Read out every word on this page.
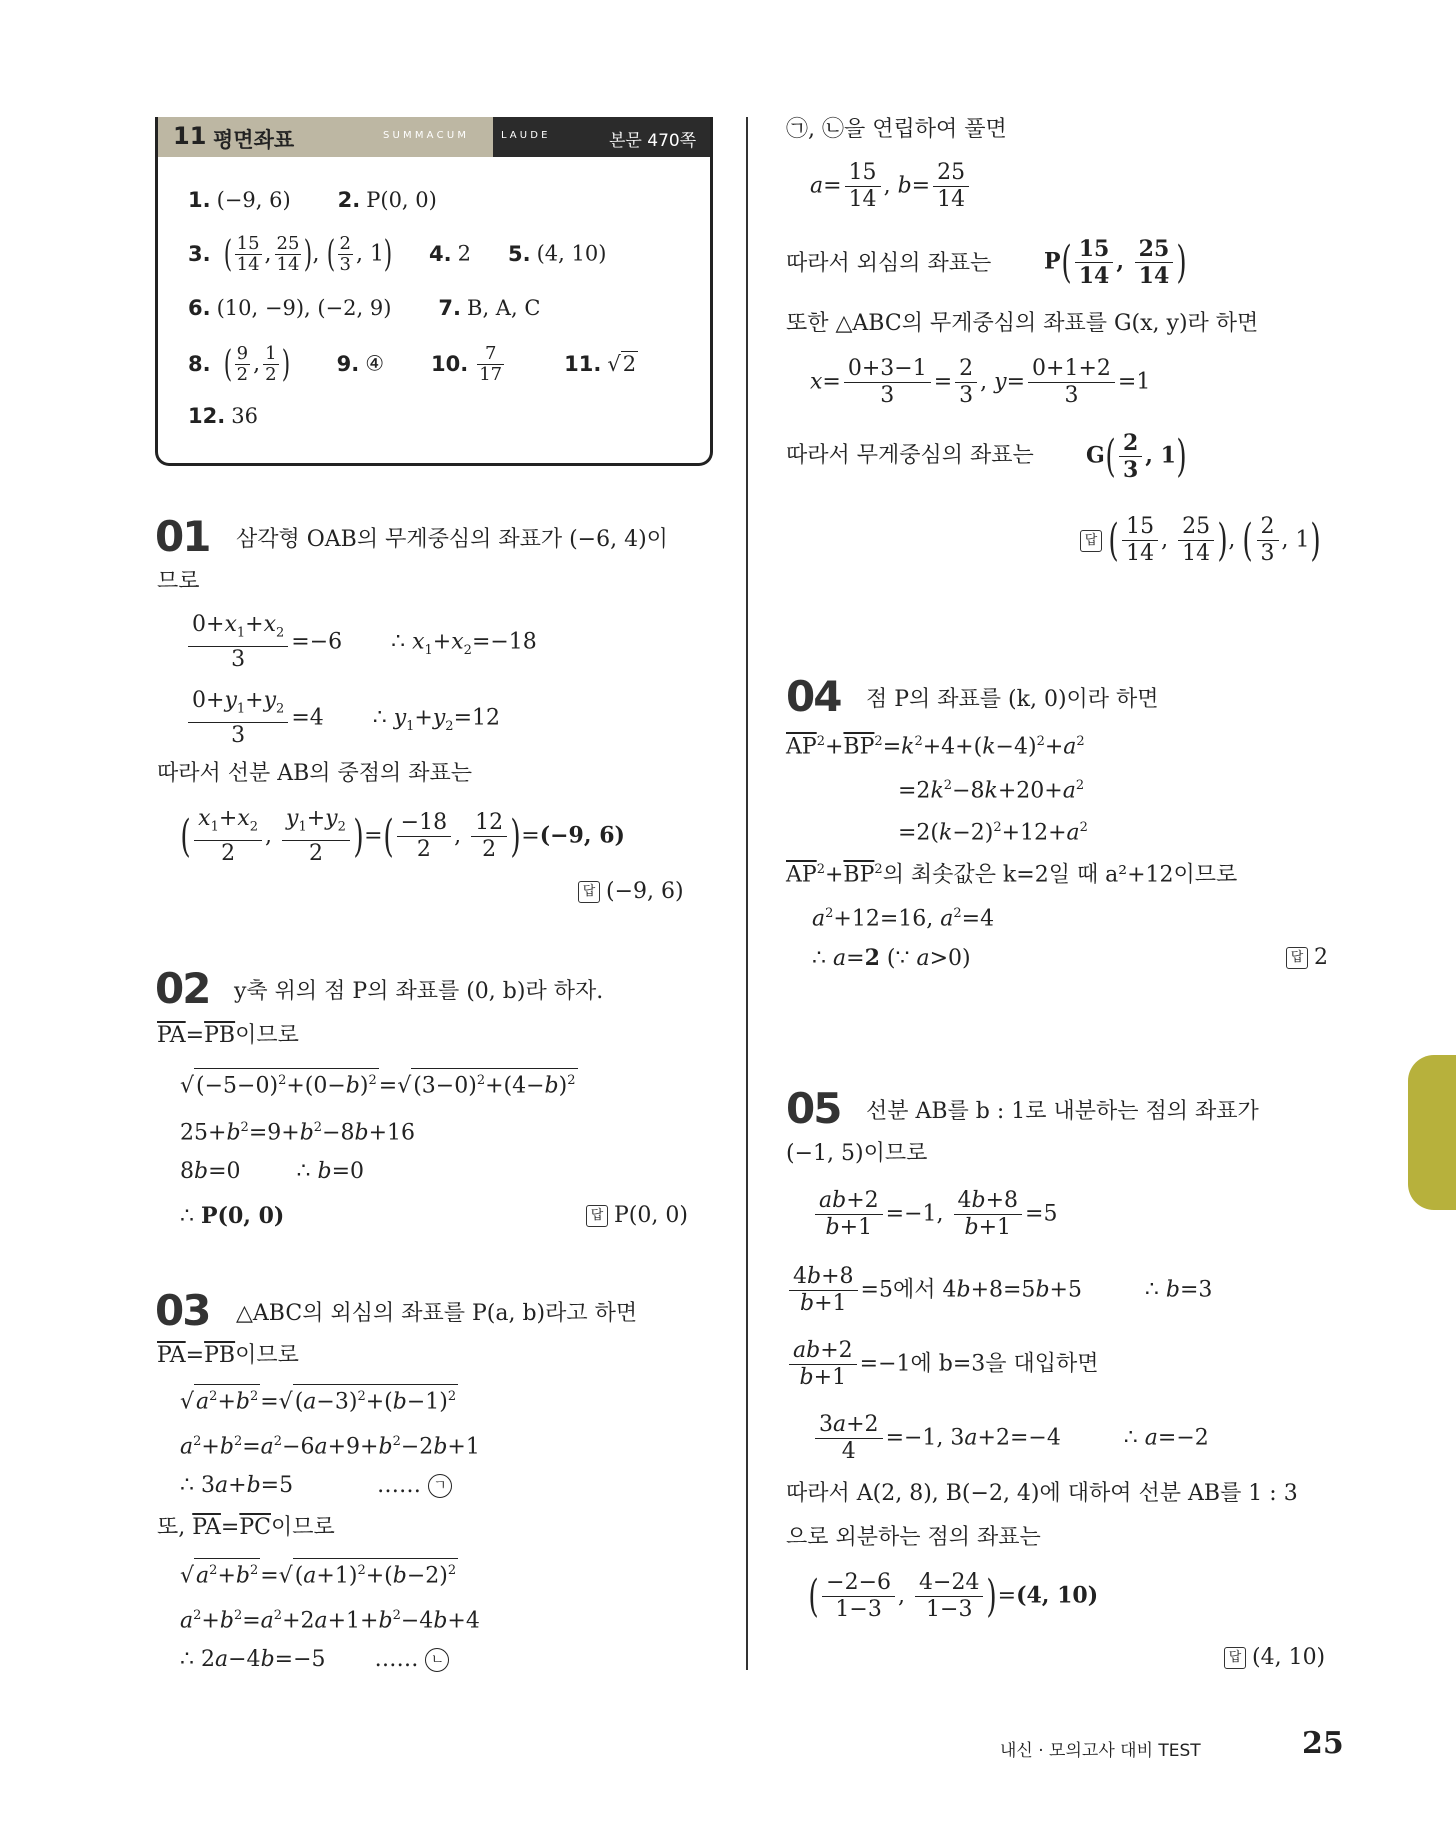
11 평면좌표	S U M M A C U M	L A U D E	본문 470쪽
1. (−9, 6) 2. P(0, 0)
3. ( $\frac{15}{14}$ , $\frac{25}{14}$ ), ( $\frac{2}{3}$ , 1) 4. 2 5. (4, 10)
6. (10, −9), (−2, 9) 7. B, A, C
8. ( $\frac{9}{2}$ , $\frac{1}{2}$ ) 9. ④ 10. $\frac{7}{17}$	11. √2
12. 36
01 삼각형 OAB의 무게중심의 좌표가 (−6, 4)이
므로
$\frac{0+x_1+x_2}{3} =-6$       ∴ $x_1+x_2=-18$
$\frac{0+y_1+y_2}{3} =4$       ∴ $y_1+y_2=12$
따라서 선분 AB의 중점의 좌표는
( $\frac{x_1+x_2}{2}$ , $\frac{y_1+y_2}{2}$ )=( $\frac{-18}{2}$ , $\frac{12}{2} )=(-9$, 6)
답 (−9, 6)
02 y축 위의 점 P의 좌표를 (0, b)라 하자.
$\overline{PA}=\overline{PB}$이므로
$√(-5-0)^2+(0-b)^2=√(3-0)^2+(4-b)^2$
$25+b^2=9+b^2-8b+16$
8b=0        ∴ b=0
∴ P(0, 0)	답 P(0, 0)
03 △ABC의 외심의 좌표를 P(a, b)라고 하면
$\overline{PA}=\overline{PB}$이므로
$√a^2+b^2=√(a-3)^2+(b-1)^2$
$a^2+b^2=a^2-6a+9+b^2-2b+1$
∴ 3a+b=5            …… ㄱ
또, $\overline{PA}=\overline{PC}$이므로
$√a^2+b^2=√(a+1)^2+(b-2)^2$
$a^2+b^2=a^2+2a+1+b^2-4b+4$
∴ 2a−4b=−5       …… ㄴ
㉠, ㉡을 연립하여 풀면
$a= \frac{15}{14}$ , $b= \frac{25}{14}$
따라서 외심의 좌표는 $P( \frac{15}{14}$ , $\frac{25}{14}$ )
또한 △ABC의 무게중심의 좌표를 G(x, y)라 하면
$x= \frac{0+3-1}{3} = \frac{2}{3}$ , $y= \frac{0+1+2}{3} =1$
따라서 무게중심의 좌표는 $G( \frac{2}{3}$ , 1)
답 ( $\frac{15}{14}$ , $\frac{25}{14}$ ), ( $\frac{2}{3}$ , 1)
04 점 P의 좌표를 (k, 0)이라 하면
$\overline{AP}^2+\overline{BP}^2=k^2+4+(k-4)^2+a^2$
$=2k^2-8k+20+a^2$
$=2(k-2)^2+12+a^2$
$\overline{AP}^2+\overline{BP}^2$의 최솟값은 k=2일 때 a²+12이므로
$a^2+12=16$, $a^2=4$
∴ a=2 (∵ a>0)	답 2
05 선분 AB를 b : 1로 내분하는 점의 좌표가
(−1, 5)이므로
$\frac{ab+2}{b+1} =-1$, $\frac{4b+8}{b+1} =5$
$\frac{4b+8}{b+1} =5$에서 4b+8=5b+5         ∴ b=3
$\frac{ab+2}{b+1} =-1$에 b=3을 대입하면
$\frac{3a+2}{4} =-1$, 3a+2=−4         ∴ a=−2
따라서 A(2, 8), B(−2, 4)에 대하여 선분 AB를 1 : 3
으로 외분하는 점의 좌표는
( $\frac{-2-6}{1-3}$ , $\frac{4-24}{1-3} )=(4$, 10)
답 (4, 10)
내신 · 모의고사 대비 TEST	25
